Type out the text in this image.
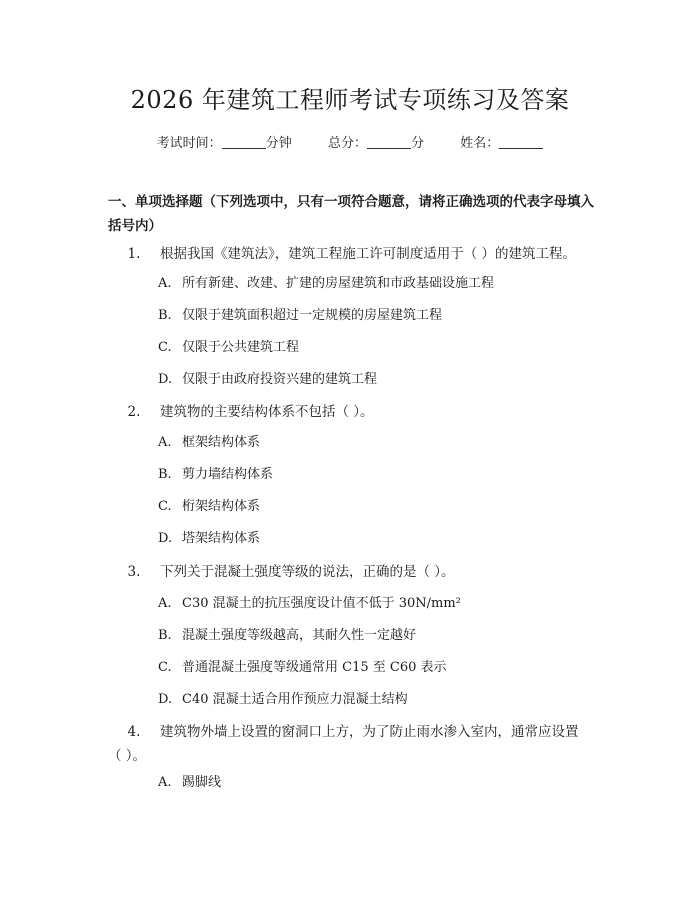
2026 年建筑工程师考试专项练习及答案
考试时间：	分钟	总分：	分	姓名：
一、单项选择题（下列选项中，只有一项符合题意，请将正确选项的代表字母填入括号内）
1. 根据我国《建筑法》，建筑工程施工许可制度适用于（ ）的建筑工程。
A. 所有新建、改建、扩建的房屋建筑和市政基础设施工程
B. 仅限于建筑面积超过一定规模的房屋建筑工程
C. 仅限于公共建筑工程
D. 仅限于由政府投资兴建的建筑工程
2. 建筑物的主要结构体系不包括（ ）。
A. 框架结构体系
B. 剪力墙结构体系
C. 桁架结构体系
D. 塔架结构体系
3. 下列关于混凝土强度等级的说法，正确的是（ ）。
A. C30 混凝土的抗压强度设计值不低于 30N/mm²
B. 混凝土强度等级越高，其耐久性一定越好
C. 普通混凝土强度等级通常用 C15 至 C60 表示
D. C40 混凝土适合用作预应力混凝土结构
4. 建筑物外墙上设置的窗洞口上方，为了防止雨水渗入室内，通常应设置
（ ）。
A. 踢脚线
